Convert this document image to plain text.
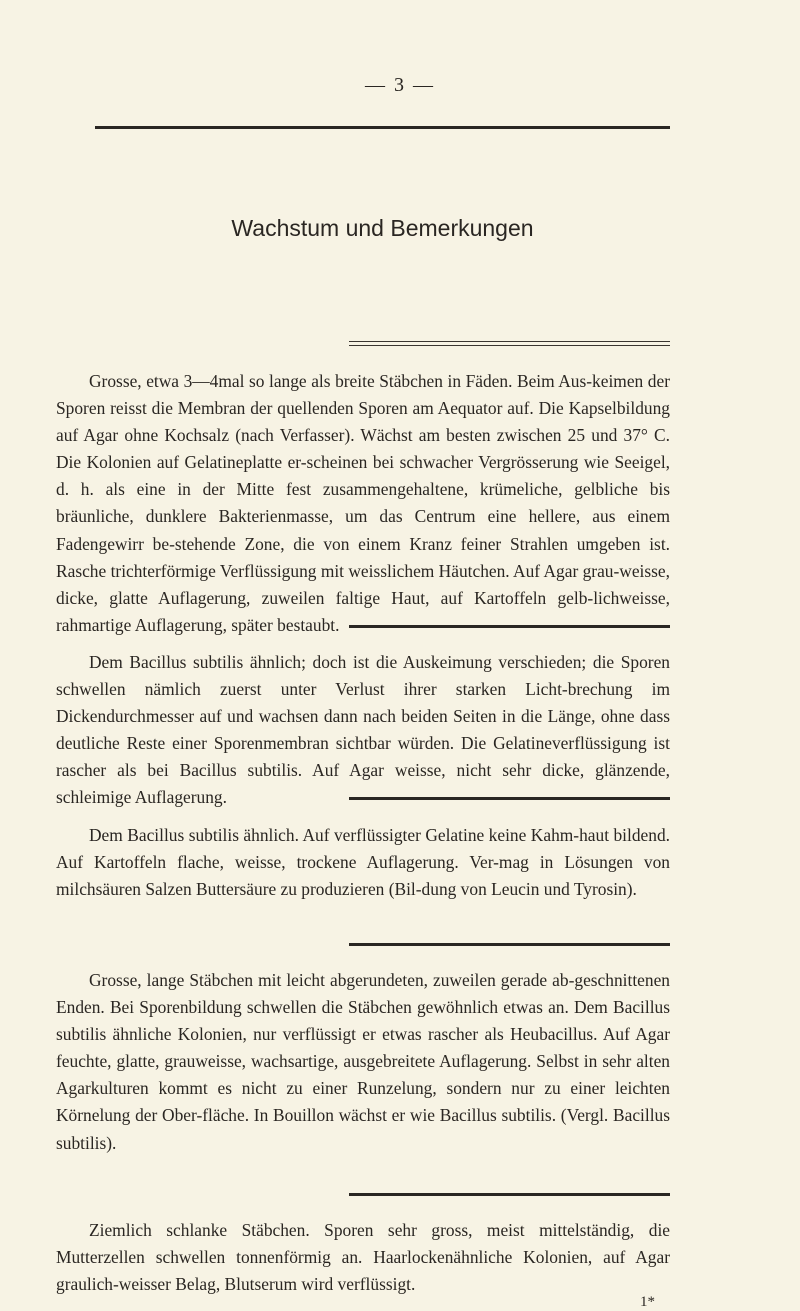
— 3 —
Wachstum und Bemerkungen

Grosse, etwa 3—4mal so lange als breite Stäbchen in Fäden. Beim Aus-keimen der Sporen reisst die Membran der quellenden Sporen am Aequator auf. Die Kapselbildung auf Agar ohne Kochsalz (nach Verfasser). Wächst am besten zwischen 25 und 37° C. Die Kolonien auf Gelatineplatte er-scheinen bei schwacher Vergrösserung wie Seeigel, d. h. als eine in der Mitte fest zusammengehaltene, krümeliche, gelbliche bis bräunliche, dunklere Bakterienmasse, um das Centrum eine hellere, aus einem Fadengewirr be-stehende Zone, die von einem Kranz feiner Strahlen umgeben ist. Rasche trichterförmige Verflüssigung mit weisslichem Häutchen. Auf Agar grau-weisse, dicke, glatte Auflagerung, zuweilen faltige Haut, auf Kartoffeln gelb-lichweisse, rahmartige Auflagerung, später bestaubt.

Dem Bacillus subtilis ähnlich; doch ist die Auskeimung verschieden; die Sporen schwellen nämlich zuerst unter Verlust ihrer starken Licht-brechung im Dickendurchmesser auf und wachsen dann nach beiden Seiten in die Länge, ohne dass deutliche Reste einer Sporenmembran sichtbar würden. Die Gelatineverflüssigung ist rascher als bei Bacillus subtilis. Auf Agar weisse, nicht sehr dicke, glänzende, schleimige Auflagerung.

Dem Bacillus subtilis ähnlich. Auf verflüssigter Gelatine keine Kahm-haut bildend. Auf Kartoffeln flache, weisse, trockene Auflagerung. Ver-mag in Lösungen von milchsäuren Salzen Buttersäure zu produzieren (Bil-dung von Leucin und Tyrosin).

Grosse, lange Stäbchen mit leicht abgerundeten, zuweilen gerade ab-geschnittenen Enden. Bei Sporenbildung schwellen die Stäbchen gewöhnlich etwas an. Dem Bacillus subtilis ähnliche Kolonien, nur verflüssigt er etwas rascher als Heubacillus. Auf Agar feuchte, glatte, grauweisse, wachsartige, ausgebreitete Auflagerung. Selbst in sehr alten Agarkulturen kommt es nicht zu einer Runzelung, sondern nur zu einer leichten Körnelung der Ober-fläche. In Bouillon wächst er wie Bacillus subtilis. (Vergl. Bacillus subtilis).

Ziemlich schlanke Stäbchen. Sporen sehr gross, meist mittelständig, die Mutterzellen schwellen tonnenförmig an. Haarlockenähnliche Kolonien, auf Agar graulich-weisser Belag, Blutserum wird verflüssigt.

1*
